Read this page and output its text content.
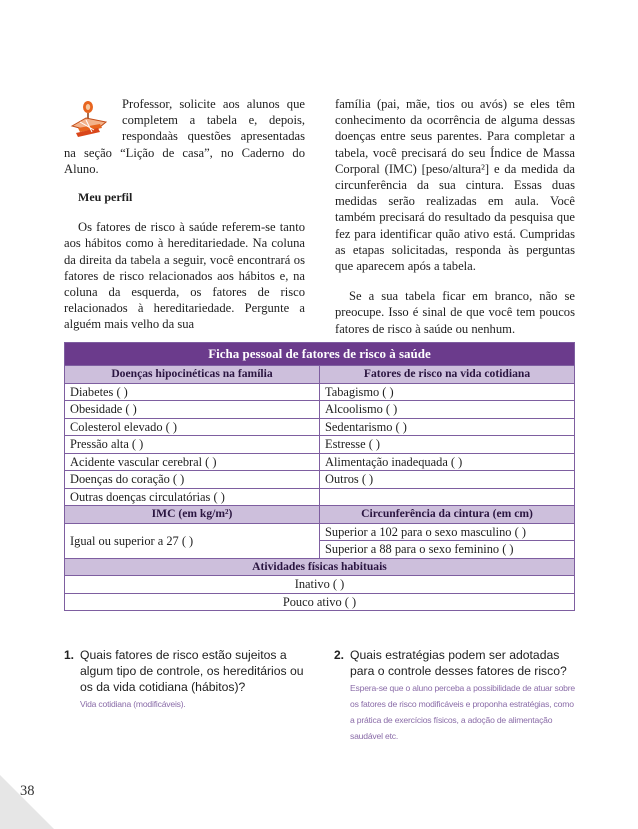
Professor, solicite aos alunos que completem a tabela e, depois, respondaàs questões apresentadas na seção “Lição de casa”, no Caderno do Aluno.

Meu perfil

Os fatores de risco à saúde referem-se tanto aos hábitos como à hereditariedade. Na coluna da direita da tabela a seguir, você encontrará os fatores de risco relacionados aos hábitos e, na coluna da esquerda, os fatores de risco relacionados à hereditariedade. Pergunte a alguém mais velho da sua

família (pai, mãe, tios ou avós) se eles têm conhecimento da ocorrência de alguma dessas doenças entre seus parentes. Para completar a tabela, você precisará do seu Índice de Massa Corporal (IMC) [peso/altura²] e da medida da circunferência da sua cintura. Essas duas medidas serão realizadas em aula. Você também precisará do resultado da pesquisa que fez para identificar quão ativo está. Cumpridas as etapas solicitadas, responda às perguntas que aparecem após a tabela.

Se a sua tabela ficar em branco, não se preocupe. Isso é sinal de que você tem poucos fatores de risco à saúde ou nenhum.

Ficha pessoal de fatores de risco à saúde	
Doenças hipocinéticas na família	Fatores de risco na vida cotidiana
Diabetes ( )	Tabagismo ( )
Obesidade ( )	Alcoolismo ( )
Colesterol elevado ( )	Sedentarismo ( )
Pressão alta ( )	Estresse ( )
Acidente vascular cerebral ( )	Alimentação inadequada ( )
Doenças do coração ( )	Outros ( )
Outras doenças circulatórias ( )	
IMC (em kg/m²)	Circunferência da cintura (em cm)
Igual ou superior a 27 ( )	Superior a 102 para o sexo masculino ( )
	Superior a 88 para o sexo feminino ( )
Atividades físicas habituais	
Inativo ( )	
Pouco ativo ( )	
1. Quais fatores de risco estão sujeitos a algum tipo de controle, os hereditários ou os da vida cotidiana (hábitos)?

Vida cotidiana (modificáveis).

2. Quais estratégias podem ser adotadas para o controle desses fatores de risco?

Espera-se que o aluno perceba a possibilidade de atuar sobre os fatores de risco modificáveis e proponha estratégias, como a prática de exercícios físicos, a adoção de alimentação saudável etc.

38
